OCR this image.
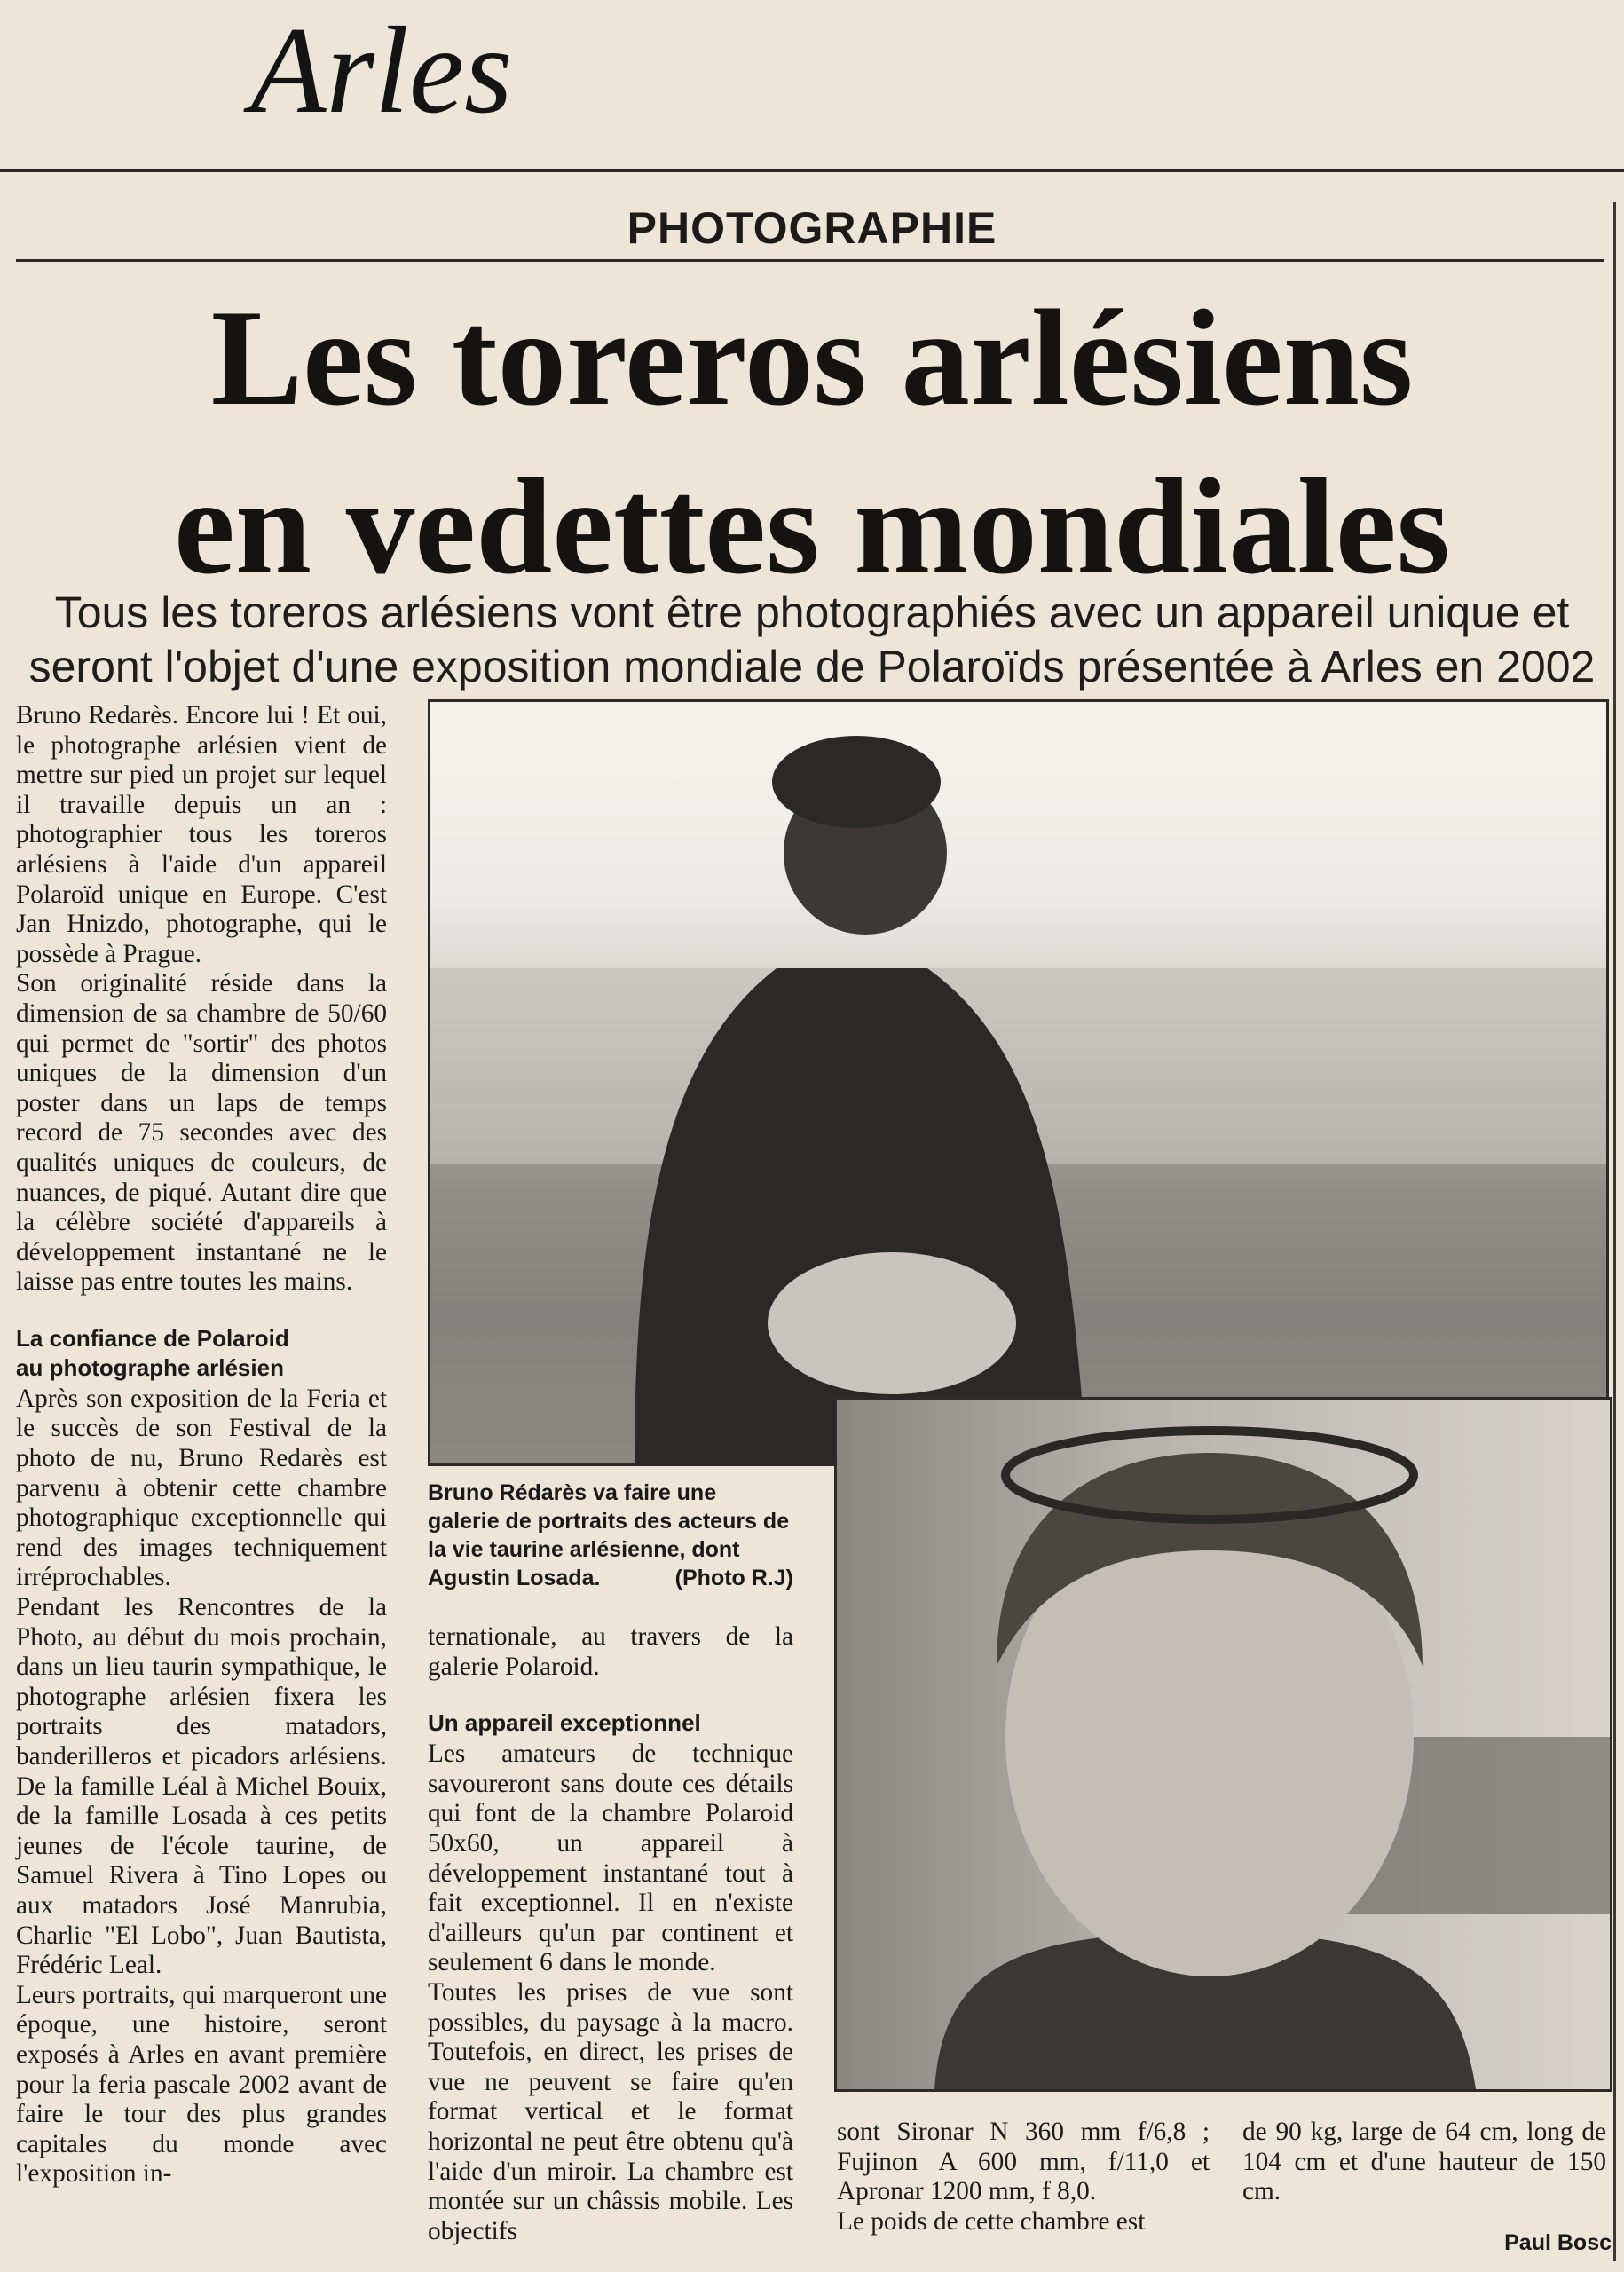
Arles
PHOTOGRAPHIE
Les toreros arlésiens
en vedettes mondiales
Tous les toreros arlésiens vont être photographiés avec un appareil unique et
seront l'objet d'une exposition mondiale de Polaroïds présentée à Arles en 2002

Bruno Redarès. Encore lui ! Et oui, le photographe arlésien vient de mettre sur pied un projet sur lequel il travaille depuis un an : photographier tous les toreros arlésiens à l'aide d'un appareil Polaroïd unique en Europe. C'est Jan Hnizdo, photographe, qui le possède à Prague.

Son originalité réside dans la dimension de sa chambre de 50/60 qui permet de "sortir" des photos uniques de la dimension d'un poster dans un laps de temps record de 75 secondes avec des qualités uniques de couleurs, de nuances, de piqué. Autant dire que la célèbre société d'appareils à développement instantané ne le laisse pas entre toutes les mains.

La confiance de Polaroid
au photographe arlésien

Après son exposition de la Feria et le succès de son Festival de la photo de nu, Bruno Redarès est parvenu à obtenir cette chambre photographique exceptionnelle qui rend des images techniquement irréprochables.

Pendant les Rencontres de la Photo, au début du mois prochain, dans un lieu taurin sympathique, le photographe arlésien fixera les portraits des matadors, banderilleros et picadors arlésiens. De la famille Léal à Michel Bouix, de la famille Losada à ces petits jeunes de l'école taurine, de Samuel Rivera à Tino Lopes ou aux matadors José Manrubia, Charlie "El Lobo", Juan Bautista, Frédéric Leal.

Leurs portraits, qui marqueront une époque, une histoire, seront exposés à Arles en avant première pour la feria pascale 2002 avant de faire le tour des plus grandes capitales du monde avec l'exposition in-

Bruno Rédarès va faire une galerie de portraits des acteurs de la vie taurine arlésienne, dont Agustin Losada.	(Photo R.J)

ternationale, au travers de la galerie Polaroid.

Un appareil exceptionnel

Les amateurs de technique savoureront sans doute ces détails qui font de la chambre Polaroid 50x60, un appareil à développement instantané tout à fait exceptionnel. Il en n'existe d'ailleurs qu'un par continent et seulement 6 dans le monde.

Toutes les prises de vue sont possibles, du paysage à la macro. Toutefois, en direct, les prises de vue ne peuvent se faire qu'en format vertical et le format horizontal ne peut être obtenu qu'à l'aide d'un miroir. La chambre est montée sur un châssis mobile. Les objectifs

sont Sironar N 360 mm f/6,8 ; Fujinon A 600 mm, f/11,0 et Apronar 1200 mm, f 8,0.

Le poids de cette chambre est

de 90 kg, large de 64 cm, long de 104 cm et d'une hauteur de 150 cm.

Paul Bosc
